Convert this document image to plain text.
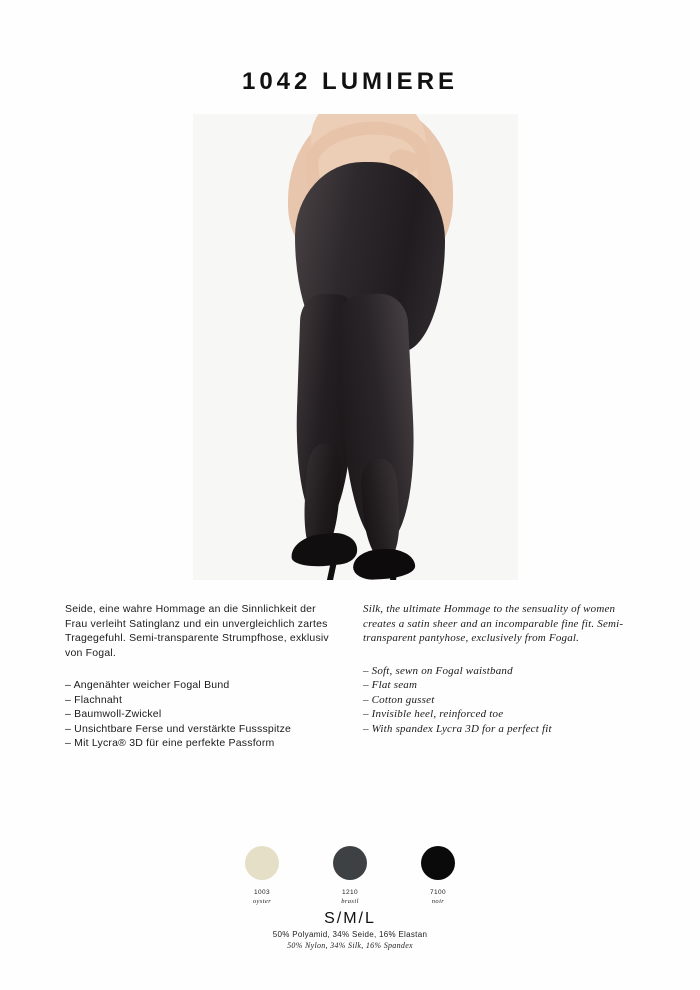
1042 LUMIERE

Seide, eine wahre Hommage an die Sinnlichkeit der Frau verleiht Satinglanz und ein unvergleichlich zartes Tragegefuhl. Semi-transparente Strumpfhose, exklusiv von Fogal.

– Angenähter weicher Fogal Bund
– Flachnaht
– Baumwoll-Zwickel
– Unsichtbare Ferse und verstärkte Fussspitze
– Mit Lycra® 3D für eine perfekte Passform

Silk, the ultimate Hommage to the sensuality of women creates a satin sheer and an incomparable fine fit. Semi-transparent pantyhose, exclusively from Fogal.

– Soft, sewn on Fogal waistband
– Flat seam
– Cotton gusset
– Invisible heel, reinforced toe
– With spandex Lycra 3D for a perfect fit
1003
oyster
1210
brasil
7100
noir
S/M/L
50% Polyamid, 34% Seide, 16% Elastan
50% Nylon, 34% Silk, 16% Spandex
